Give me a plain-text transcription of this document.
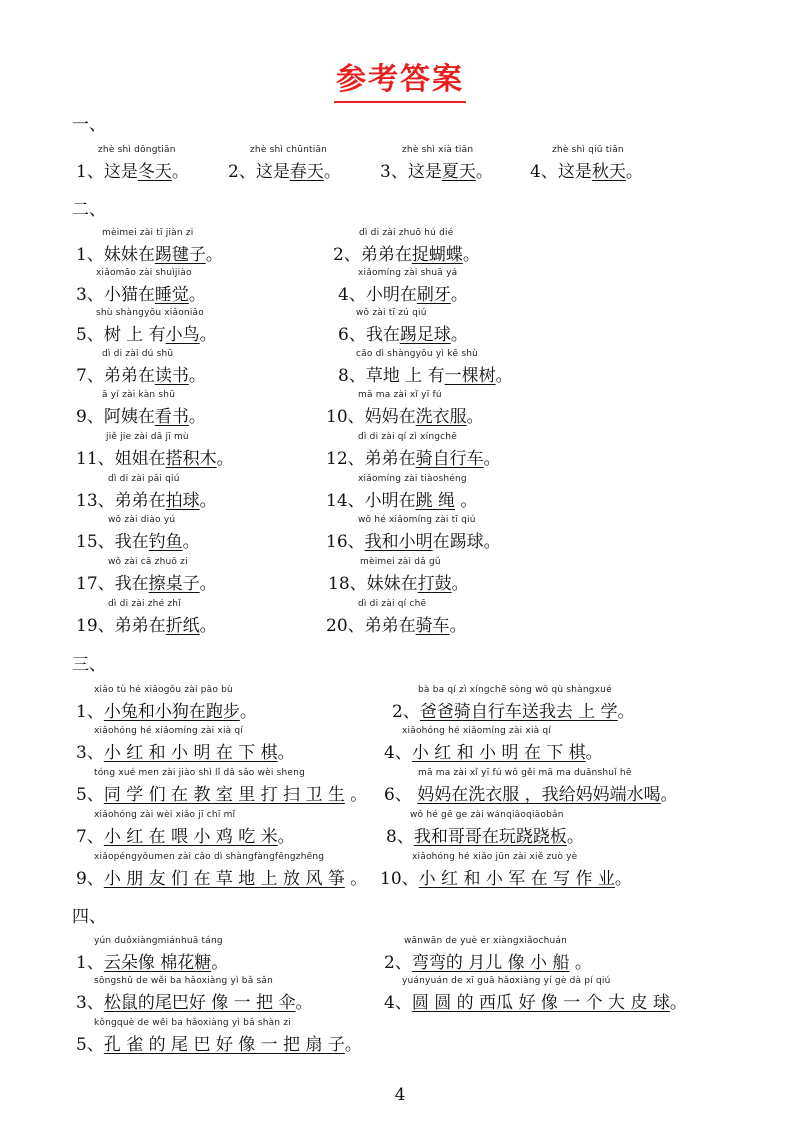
参考答案
一、
zhè shì dōngtiān
1、这是冬天。
zhè shì chūntiān
2、这是春天。
zhè shì xià tiān
3、这是夏天。
zhè shì qiū tiān
4、这是秋天。
二、
mèimei zài tī jiàn zi
1、妹妹在踢毽子。
dì di zài zhuō hú dié
2、弟弟在捉蝴蝶。
xiǎomāo zài shuìjiào
3、小猫在睡觉。
xiǎomíng zài shuā yá
4、小明在刷牙。
shù shàngyǒu xiǎoniǎo
5、树 上 有小鸟。
wǒ zài tī zú qiú
6、我在踢足球。
dì di zài dú shū
7、弟弟在读书。
cǎo dì shàngyǒu yì kē shù
8、草地 上 有一棵树。
ā yí zài kàn shū
9、阿姨在看书。
mā ma zài xǐ yī fú
10、妈妈在洗衣服。
jiě jie zài dā jī mù
11、姐姐在搭积木。
dì di zài qí zì xíngchē
12、弟弟在骑自行车。
dì di zài pāi qiú
13、弟弟在拍球。
xiǎomíng zài tiàoshéng
14、小明在跳 绳 。
wǒ zài diào yú
15、我在钓鱼。
wǒ hé xiǎomíng zài tī qiú
16、我和小明在踢球。
wǒ zài cā zhuō zi
17、我在擦桌子。
mèimei zài dǎ gǔ
18、妹妹在打鼓。
dì di zài zhé zhǐ
19、弟弟在折纸。
dì di zài qí chē
20、弟弟在骑车。
三、
xiǎo tù hé xiǎogǒu zài pǎo bù
1、小兔和小狗在跑步。
bà ba qí zì xíngchē sòng wǒ qù shàngxué
2、爸爸骑自行车送我去 上 学。
xiǎohóng hé xiǎomíng zài xià qí
3、小 红 和 小 明 在 下 棋。
xiǎohóng hé xiǎomíng zài xià qí
4、小 红 和 小 明 在 下 棋。
tóng xué men zài jiào shì lǐ dǎ sǎo wèi sheng
5、同 学 们 在 教 室 里 打 扫 卫 生 。
mā ma zài xǐ yī fú wǒ gěi mā ma duānshuǐ hē
6、 妈妈在洗衣服 ，我给妈妈端水喝。
xiǎohóng zài wèi xiǎo jī chī mǐ
7、小 红 在 喂 小 鸡 吃 米。
wǒ hé gē ge zài wánqiāoqiāobǎn
8、我和哥哥在玩跷跷板。
xiǎopéngyǒumen zài cǎo dì shàngfàngfēngzhēng
9、小 朋 友 们 在 草 地 上 放 风 筝 。
xiǎohóng hé xiǎo jūn zài xiě zuò yè
10、小 红 和 小 军 在 写 作 业。
四、
yún duǒxiàngmiánhuā táng
1、云朵像 棉花糖。
wānwān de yuè er xiàngxiǎochuán
2、弯弯的 月儿 像 小 船 。
sōngshǔ de wěi ba hǎoxiàng yì bǎ sǎn
3、松鼠的尾巴好 像 一 把 伞。
yuányuán de xī guā hǎoxiàng yí gè dà pí qiú
4、圆 圆 的 西瓜 好 像 一 个 大 皮 球。
kǒngquè de wěi ba hǎoxiàng yì bǎ shàn zi
5、孔 雀 的 尾 巴 好 像 一 把 扇 子。
4
